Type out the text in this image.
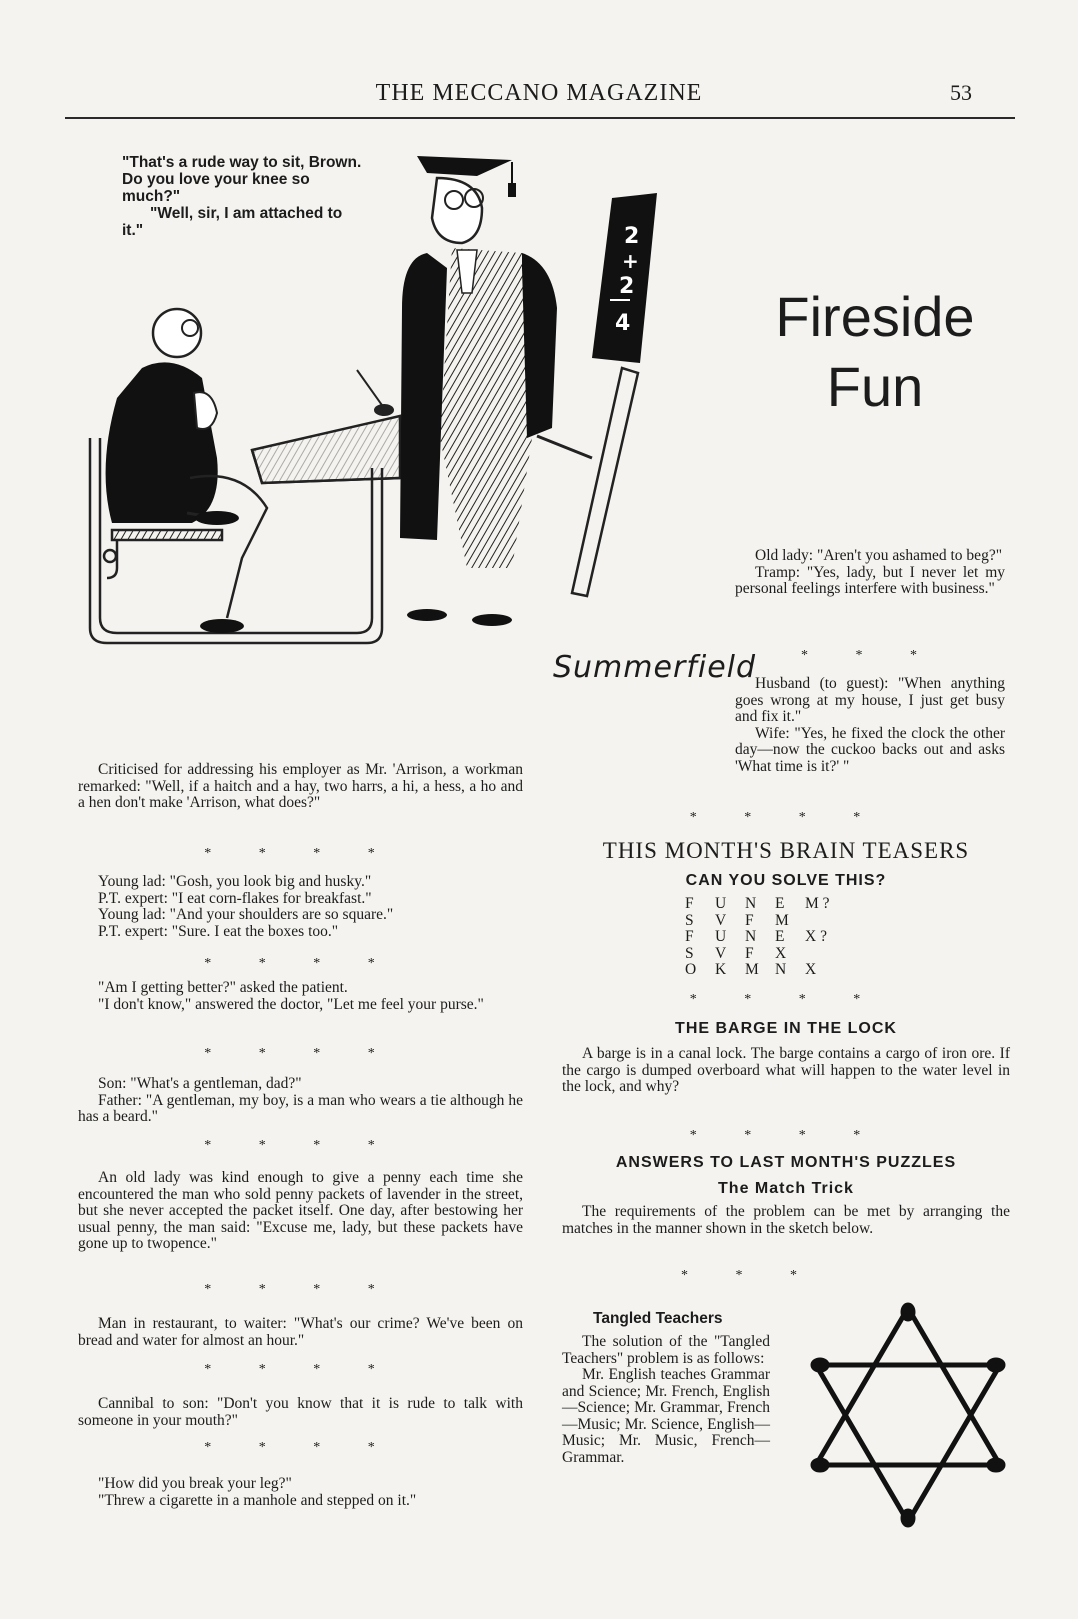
THE MECCANO MAGAZINE	53

"That's a rude way to sit, Brown. Do you love your knee so much?"

"Well, sir, I am attached to it."	2
+
2
4
Summerfield
Fireside
Fun

Old lady: "Aren't you ashamed to beg?"

Tramp: "Yes, lady, but I never let my personal feelings interfere with business."

* * *

Husband (to guest): "When anything goes wrong at my house, I just get busy and fix it."

Wife: "Yes, he fixed the clock the other day—now the cuckoo backs out and asks 'What time is it?' "

* * * *

Criticised for addressing his employer as Mr. 'Arrison, a workman remarked: "Well, if a haitch and a hay, two harrs, a hi, a hess, a ho and a hen don't make 'Arrison, what does?"

* * * *

Young lad: "Gosh, you look big and husky."

P.T. expert: "I eat corn-flakes for breakfast."

Young lad: "And your shoulders are so square."

P.T. expert: "Sure. I eat the boxes too."

* * * *

"Am I getting better?" asked the patient.

"I don't know," answered the doctor, "Let me feel your purse."

* * * *

Son: "What's a gentleman, dad?"

Father: "A gentleman, my boy, is a man who wears a tie although he has a beard."

* * * *

An old lady was kind enough to give a penny each time she encountered the man who sold penny packets of lavender in the street, but she never accepted the packet itself. One day, after bestowing her usual penny, the man said: "Excuse me, lady, but these packets have gone up to twopence."

* * * *

Man in restaurant, to waiter: "What's our crime? We've been on bread and water for almost an hour."

* * * *

Cannibal to son: "Don't you know that it is rude to talk with someone in your mouth?"

* * * *

"How did you break your leg?"

"Threw a cigarette in a manhole and stepped on it."

THIS MONTH'S BRAIN TEASERS
CAN YOU SOLVE THIS?
F U N E M ?
S V F M
F U N E X ?
S V F X
O K M N X
* * * *
THE BARGE IN THE LOCK

A barge is in a canal lock. The barge contains a cargo of iron ore. If the cargo is dumped overboard what will happen to the water level in the lock, and why?

* * * *
ANSWERS TO LAST MONTH'S PUZZLES
The Match Trick

The requirements of the problem can be met by arranging the matches in the manner shown in the sketch below.

* * *
Tangled Teachers

The solution of the "Tangled Teachers" problem is as follows:

Mr. English teaches Grammar and Science; Mr. French, English—Science; Mr. Grammar, French—Music; Mr. Science, English—Music; Mr. Music, French—Grammar.
